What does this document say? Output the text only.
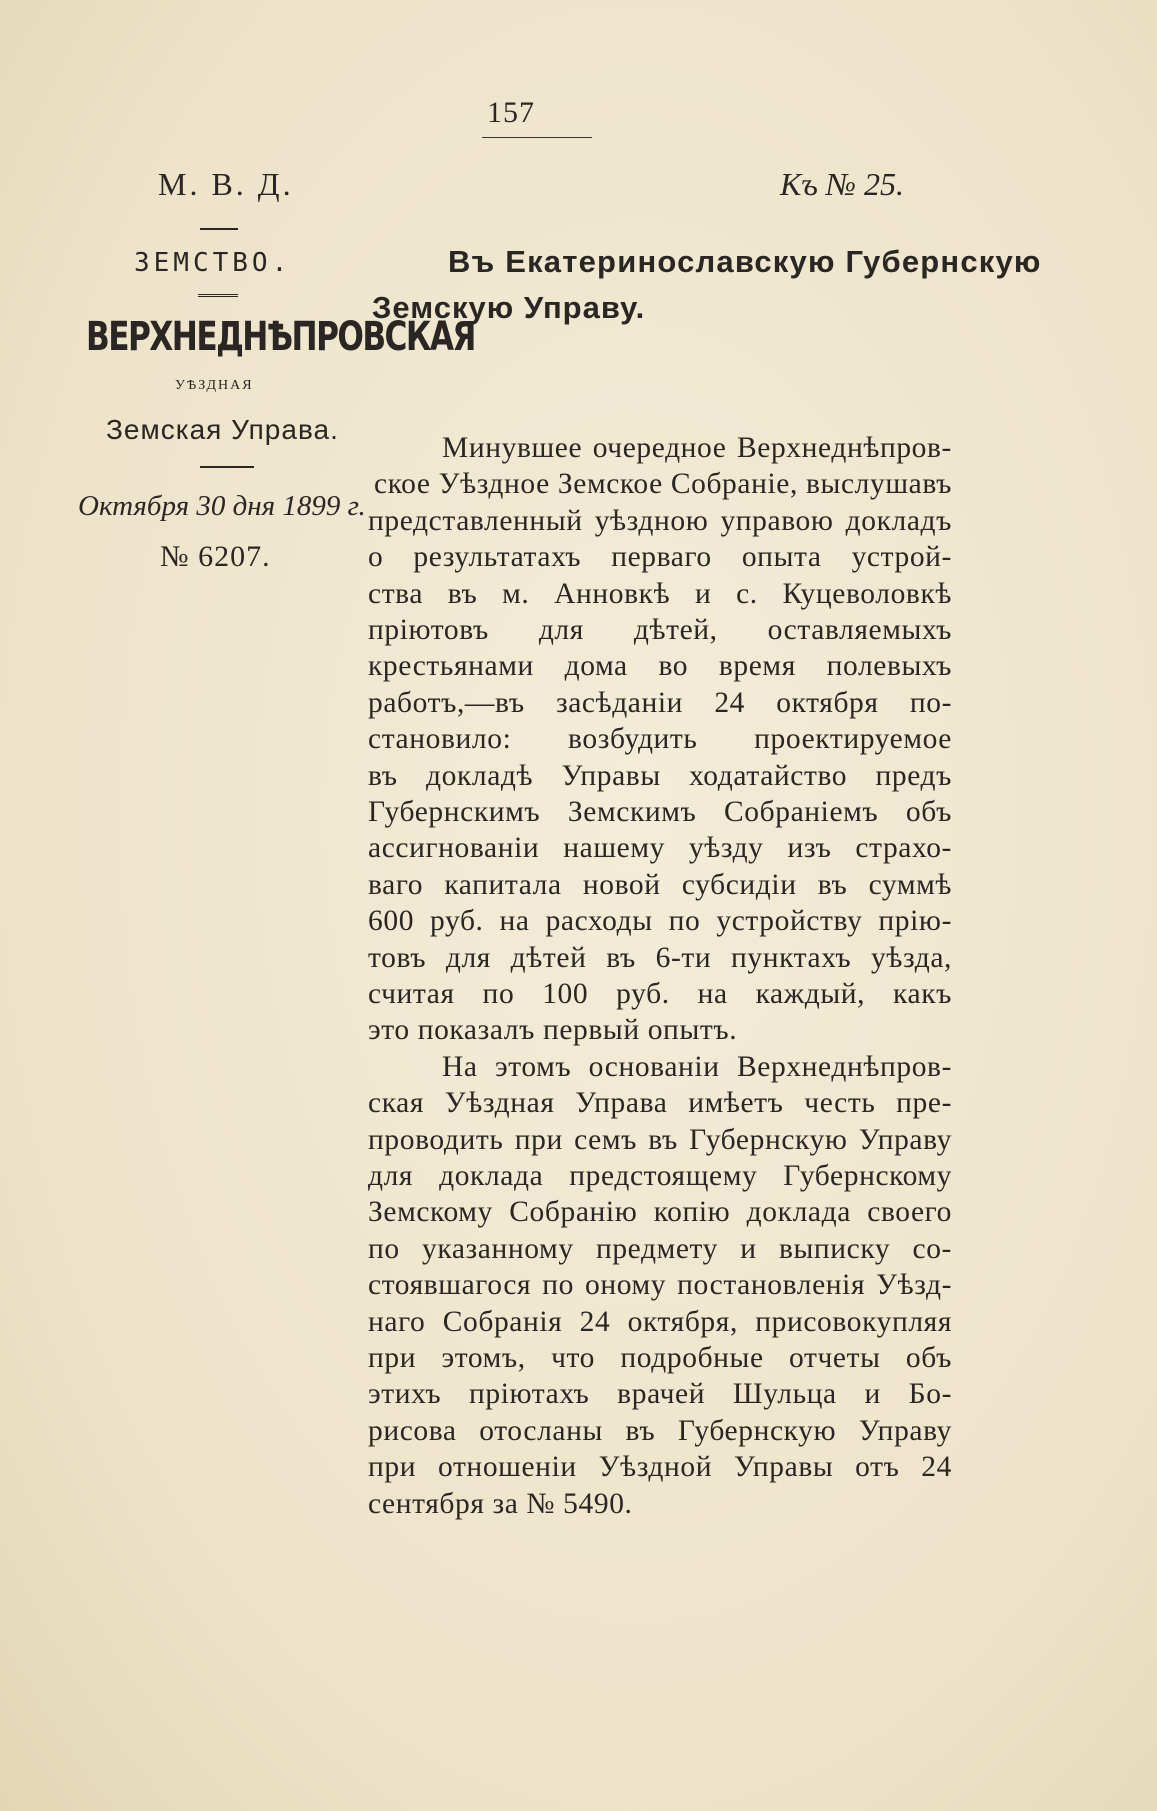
157
М. В. Д.	Къ № 25.
ЗЕМСТВО.
ВЕРХНЕДНѢПРОВСКАЯ
УѢЗДНАЯ
Земская Управа.
Октября 30 дня 1899 г.
№ 6207.
Въ Екатеринославскую Губернскую
Земскую Управу.
Минувшее очередное Верхнеднѣпров-
ское Уѣздное Земское Собраніе, выслушавъ
представленный уѣздною управою докладъ
о результатахъ перваго опыта устрой-
ства въ м. Анновкѣ и с. Куцеволовкѣ
пріютовъ для дѣтей, оставляемыхъ
крестьянами дома во время полевыхъ
работъ,—въ засѣданіи 24 октября по-
становило: возбудить проектируемое
въ докладѣ Управы ходатайство предъ
Губернскимъ Земскимъ Собраніемъ объ
ассигнованіи нашему уѣзду изъ страхо-
ваго капитала новой субсидіи въ суммѣ
600 руб. на расходы по устройству прію-
товъ для дѣтей въ 6-ти пунктахъ уѣзда,
считая по 100 руб. на каждый, какъ
это показалъ первый опытъ.
На этомъ основаніи Верхнеднѣпров-
ская Уѣздная Управа имѣетъ честь пре-
проводить при семъ въ Губернскую Управу
для доклада предстоящему Губернскому
Земскому Собранію копію доклада своего
по указанному предмету и выписку со-
стоявшагося по оному постановленія Уѣзд-
наго Собранія 24 октября, присовокупляя
при этомъ, что подробные отчеты объ
этихъ пріютахъ врачей Шульца и Бо-
рисова отосланы въ Губернскую Управу
при отношеніи Уѣздной Управы отъ 24
сентября за № 5490.
